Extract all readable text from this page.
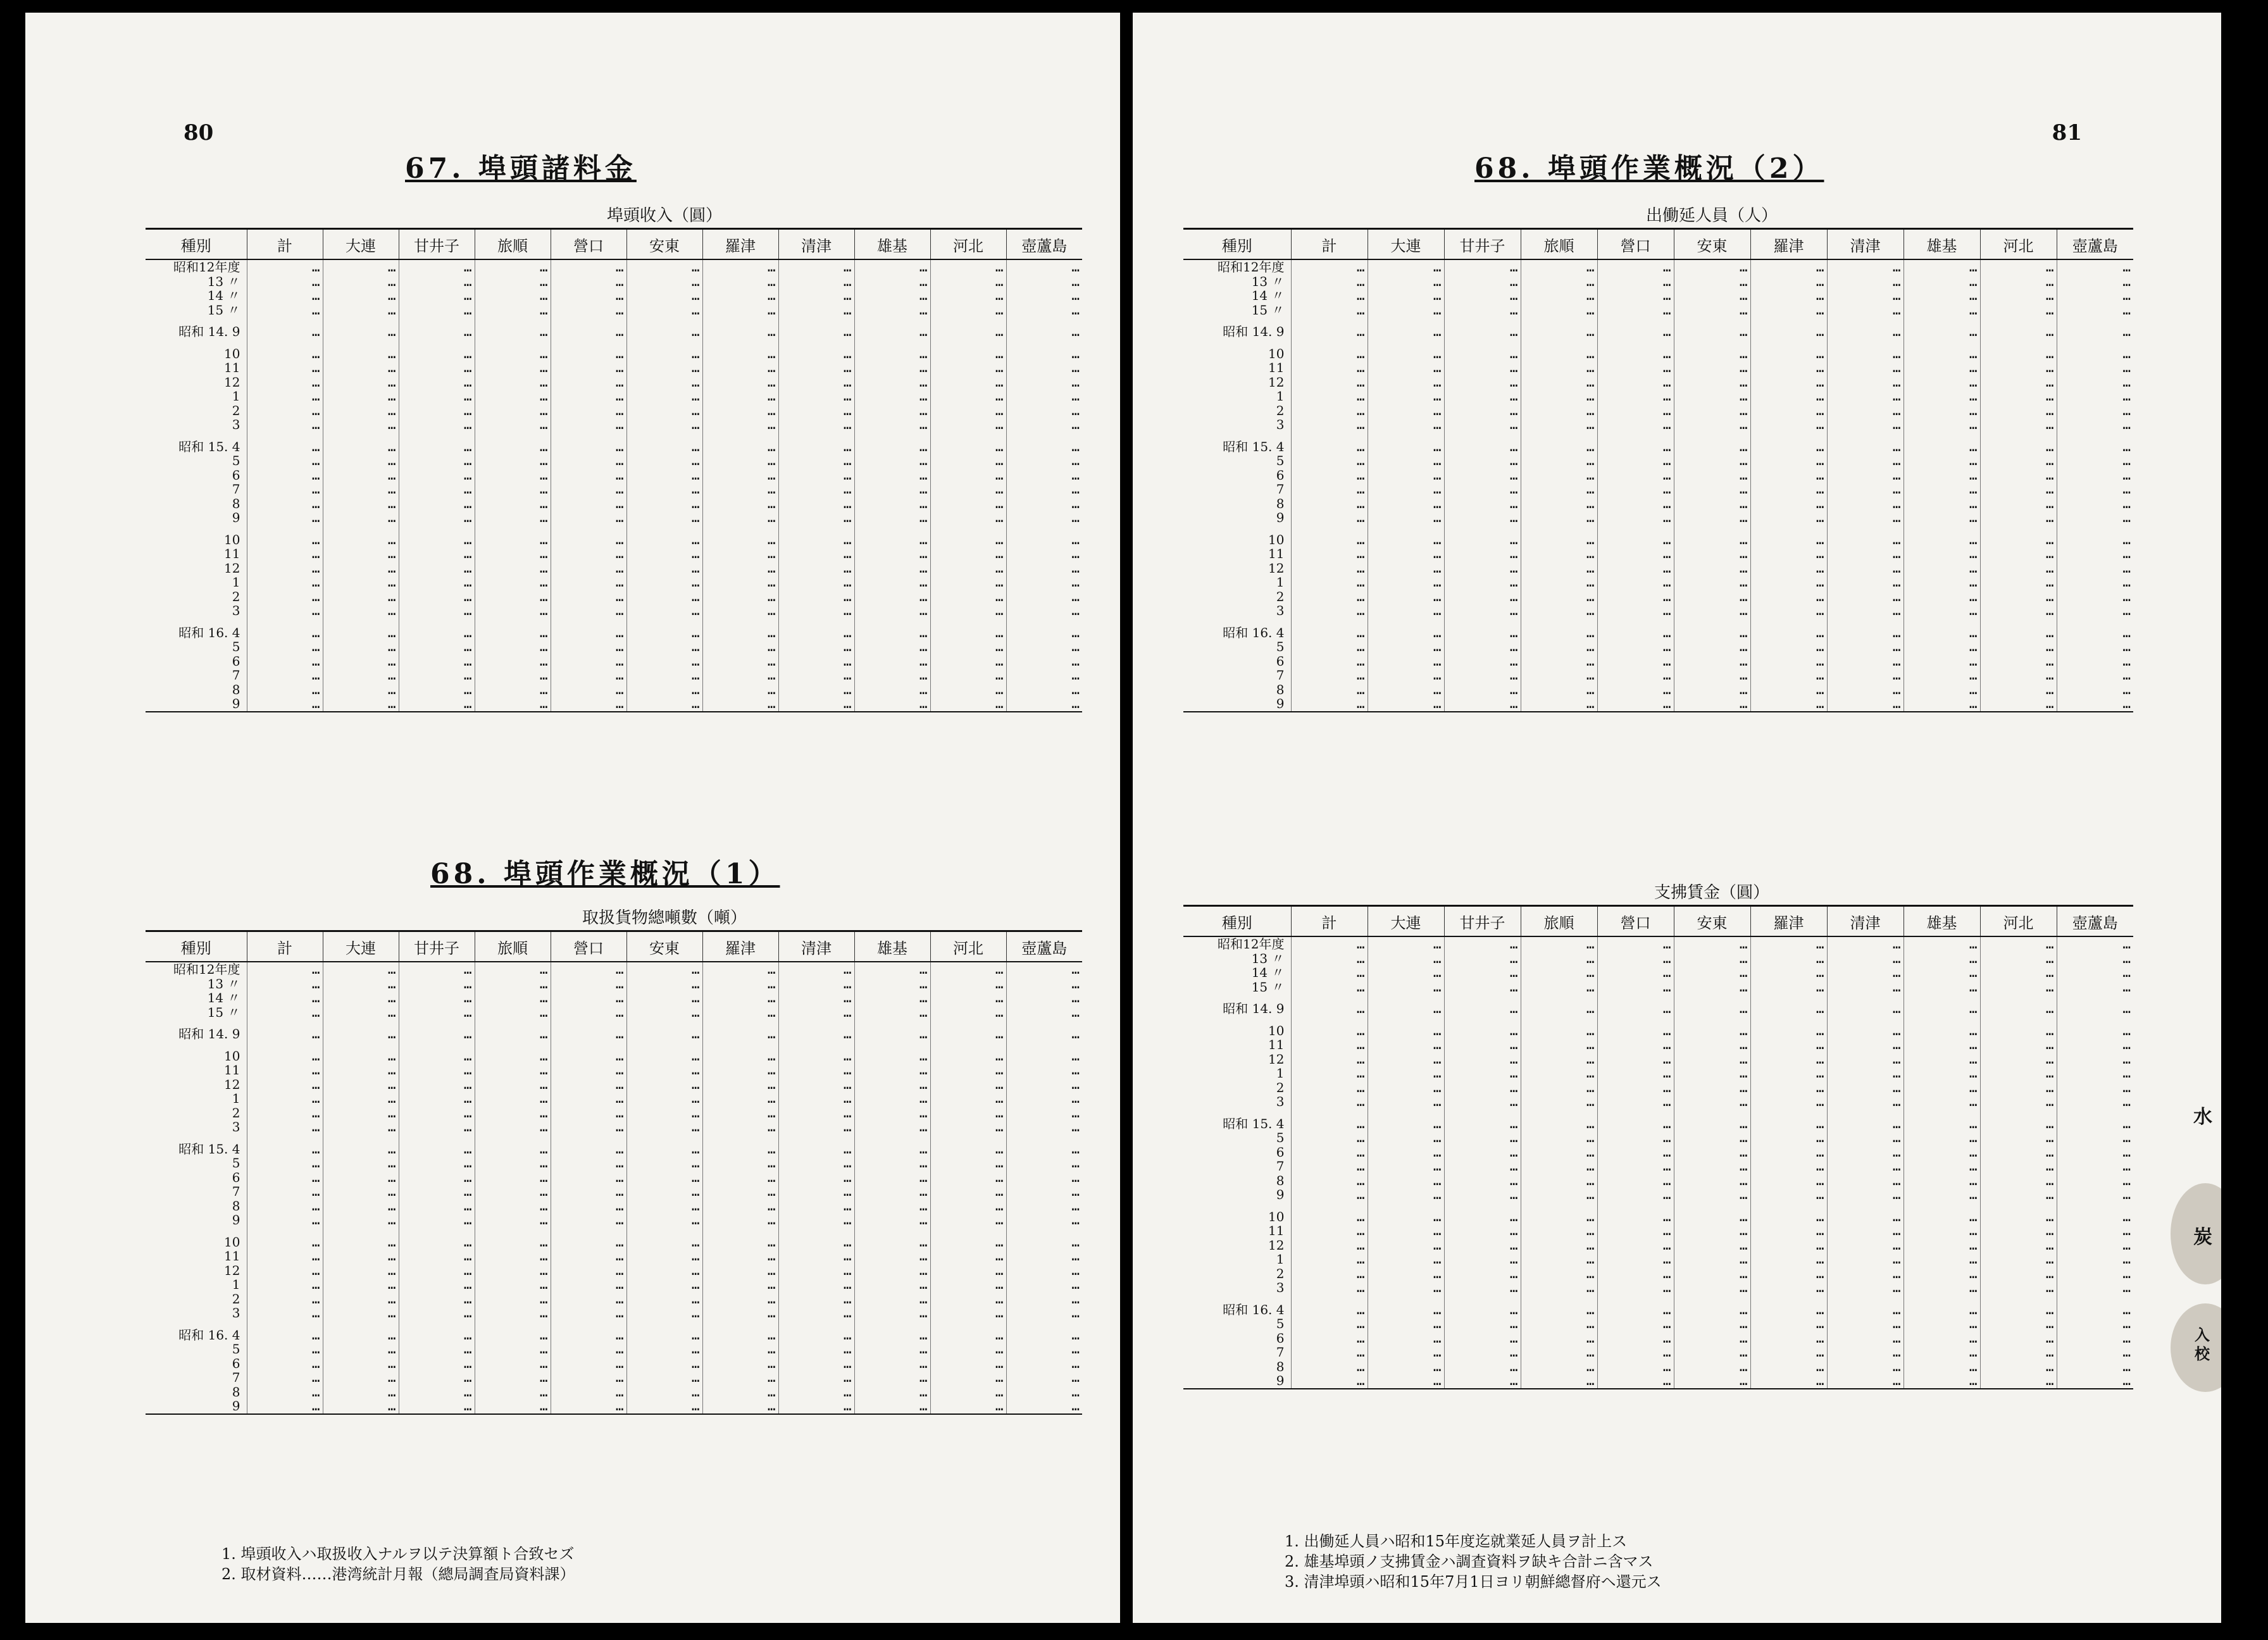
80
67. 埠頭諸料金
埠頭收入（圓）
種別	計	大連	甘井子	旅順	營口	安東	羅津	清津	雄基	河北	壺蘆島
昭和12年度	…	…	…	…	…	…	…	…	…	…	…
13 〃	…	…	…	…	…	…	…	…	…	…	…
14 〃	…	…	…	…	…	…	…	…	…	…	…
15 〃	…	…	…	…	…	…	…	…	…	…	…

昭和 14. 9	…	…	…	…	…	…	…	…	…	…	…

10	…	…	…	…	…	…	…	…	…	…	…
11	…	…	…	…	…	…	…	…	…	…	…
12	…	…	…	…	…	…	…	…	…	…	…
1	…	…	…	…	…	…	…	…	…	…	…
2	…	…	…	…	…	…	…	…	…	…	…
3	…	…	…	…	…	…	…	…	…	…	…

昭和 15. 4	…	…	…	…	…	…	…	…	…	…	…
5	…	…	…	…	…	…	…	…	…	…	…
6	…	…	…	…	…	…	…	…	…	…	…
7	…	…	…	…	…	…	…	…	…	…	…
8	…	…	…	…	…	…	…	…	…	…	…
9	…	…	…	…	…	…	…	…	…	…	…

10	…	…	…	…	…	…	…	…	…	…	…
11	…	…	…	…	…	…	…	…	…	…	…
12	…	…	…	…	…	…	…	…	…	…	…
1	…	…	…	…	…	…	…	…	…	…	…
2	…	…	…	…	…	…	…	…	…	…	…
3	…	…	…	…	…	…	…	…	…	…	…

昭和 16. 4	…	…	…	…	…	…	…	…	…	…	…
5	…	…	…	…	…	…	…	…	…	…	…
6	…	…	…	…	…	…	…	…	…	…	…
7	…	…	…	…	…	…	…	…	…	…	…
8	…	…	…	…	…	…	…	…	…	…	…
9	…	…	…	…	…	…	…	…	…	…	…
68. 埠頭作業概況（1）
取扱貨物總噸數（噸）
種別	計	大連	甘井子	旅順	營口	安東	羅津	清津	雄基	河北	壺蘆島
昭和12年度	…	…	…	…	…	…	…	…	…	…	…
13 〃	…	…	…	…	…	…	…	…	…	…	…
14 〃	…	…	…	…	…	…	…	…	…	…	…
15 〃	…	…	…	…	…	…	…	…	…	…	…

昭和 14. 9	…	…	…	…	…	…	…	…	…	…	…

10	…	…	…	…	…	…	…	…	…	…	…
11	…	…	…	…	…	…	…	…	…	…	…
12	…	…	…	…	…	…	…	…	…	…	…
1	…	…	…	…	…	…	…	…	…	…	…
2	…	…	…	…	…	…	…	…	…	…	…
3	…	…	…	…	…	…	…	…	…	…	…

昭和 15. 4	…	…	…	…	…	…	…	…	…	…	…
5	…	…	…	…	…	…	…	…	…	…	…
6	…	…	…	…	…	…	…	…	…	…	…
7	…	…	…	…	…	…	…	…	…	…	…
8	…	…	…	…	…	…	…	…	…	…	…
9	…	…	…	…	…	…	…	…	…	…	…

10	…	…	…	…	…	…	…	…	…	…	…
11	…	…	…	…	…	…	…	…	…	…	…
12	…	…	…	…	…	…	…	…	…	…	…
1	…	…	…	…	…	…	…	…	…	…	…
2	…	…	…	…	…	…	…	…	…	…	…
3	…	…	…	…	…	…	…	…	…	…	…

昭和 16. 4	…	…	…	…	…	…	…	…	…	…	…
5	…	…	…	…	…	…	…	…	…	…	…
6	…	…	…	…	…	…	…	…	…	…	…
7	…	…	…	…	…	…	…	…	…	…	…
8	…	…	…	…	…	…	…	…	…	…	…
9	…	…	…	…	…	…	…	…	…	…	…
1. 埠頭收入ハ取扱收入ナルヲ以テ決算額ト合致セズ
2. 取材資料……港湾統計月報（總局調査局資料課）
81
68. 埠頭作業概況（2）
出働延人員（人）
種別	計	大連	甘井子	旅順	營口	安東	羅津	清津	雄基	河北	壺蘆島
昭和12年度	…	…	…	…	…	…	…	…	…	…	…
13 〃	…	…	…	…	…	…	…	…	…	…	…
14 〃	…	…	…	…	…	…	…	…	…	…	…
15 〃	…	…	…	…	…	…	…	…	…	…	…

昭和 14. 9	…	…	…	…	…	…	…	…	…	…	…

10	…	…	…	…	…	…	…	…	…	…	…
11	…	…	…	…	…	…	…	…	…	…	…
12	…	…	…	…	…	…	…	…	…	…	…
1	…	…	…	…	…	…	…	…	…	…	…
2	…	…	…	…	…	…	…	…	…	…	…
3	…	…	…	…	…	…	…	…	…	…	…

昭和 15. 4	…	…	…	…	…	…	…	…	…	…	…
5	…	…	…	…	…	…	…	…	…	…	…
6	…	…	…	…	…	…	…	…	…	…	…
7	…	…	…	…	…	…	…	…	…	…	…
8	…	…	…	…	…	…	…	…	…	…	…
9	…	…	…	…	…	…	…	…	…	…	…

10	…	…	…	…	…	…	…	…	…	…	…
11	…	…	…	…	…	…	…	…	…	…	…
12	…	…	…	…	…	…	…	…	…	…	…
1	…	…	…	…	…	…	…	…	…	…	…
2	…	…	…	…	…	…	…	…	…	…	…
3	…	…	…	…	…	…	…	…	…	…	…

昭和 16. 4	…	…	…	…	…	…	…	…	…	…	…
5	…	…	…	…	…	…	…	…	…	…	…
6	…	…	…	…	…	…	…	…	…	…	…
7	…	…	…	…	…	…	…	…	…	…	…
8	…	…	…	…	…	…	…	…	…	…	…
9	…	…	…	…	…	…	…	…	…	…	…
支拂賃金（圓）
種別	計	大連	甘井子	旅順	營口	安東	羅津	清津	雄基	河北	壺蘆島
昭和12年度	…	…	…	…	…	…	…	…	…	…	…
13 〃	…	…	…	…	…	…	…	…	…	…	…
14 〃	…	…	…	…	…	…	…	…	…	…	…
15 〃	…	…	…	…	…	…	…	…	…	…	…

昭和 14. 9	…	…	…	…	…	…	…	…	…	…	…

10	…	…	…	…	…	…	…	…	…	…	…
11	…	…	…	…	…	…	…	…	…	…	…
12	…	…	…	…	…	…	…	…	…	…	…
1	…	…	…	…	…	…	…	…	…	…	…
2	…	…	…	…	…	…	…	…	…	…	…
3	…	…	…	…	…	…	…	…	…	…	…

昭和 15. 4	…	…	…	…	…	…	…	…	…	…	…
5	…	…	…	…	…	…	…	…	…	…	…
6	…	…	…	…	…	…	…	…	…	…	…
7	…	…	…	…	…	…	…	…	…	…	…
8	…	…	…	…	…	…	…	…	…	…	…
9	…	…	…	…	…	…	…	…	…	…	…

10	…	…	…	…	…	…	…	…	…	…	…
11	…	…	…	…	…	…	…	…	…	…	…
12	…	…	…	…	…	…	…	…	…	…	…
1	…	…	…	…	…	…	…	…	…	…	…
2	…	…	…	…	…	…	…	…	…	…	…
3	…	…	…	…	…	…	…	…	…	…	…

昭和 16. 4	…	…	…	…	…	…	…	…	…	…	…
5	…	…	…	…	…	…	…	…	…	…	…
6	…	…	…	…	…	…	…	…	…	…	…
7	…	…	…	…	…	…	…	…	…	…	…
8	…	…	…	…	…	…	…	…	…	…	…
9	…	…	…	…	…	…	…	…	…	…	…
1. 出働延人員ハ昭和15年度迄就業延人員ヲ計上ス
2. 雄基埠頭ノ支拂賃金ハ調査資料ヲ缺キ合計ニ含マス
3. 清津埠頭ハ昭和15年7月1日ヨリ朝鮮總督府ヘ還元ス
水
炭
入
校
